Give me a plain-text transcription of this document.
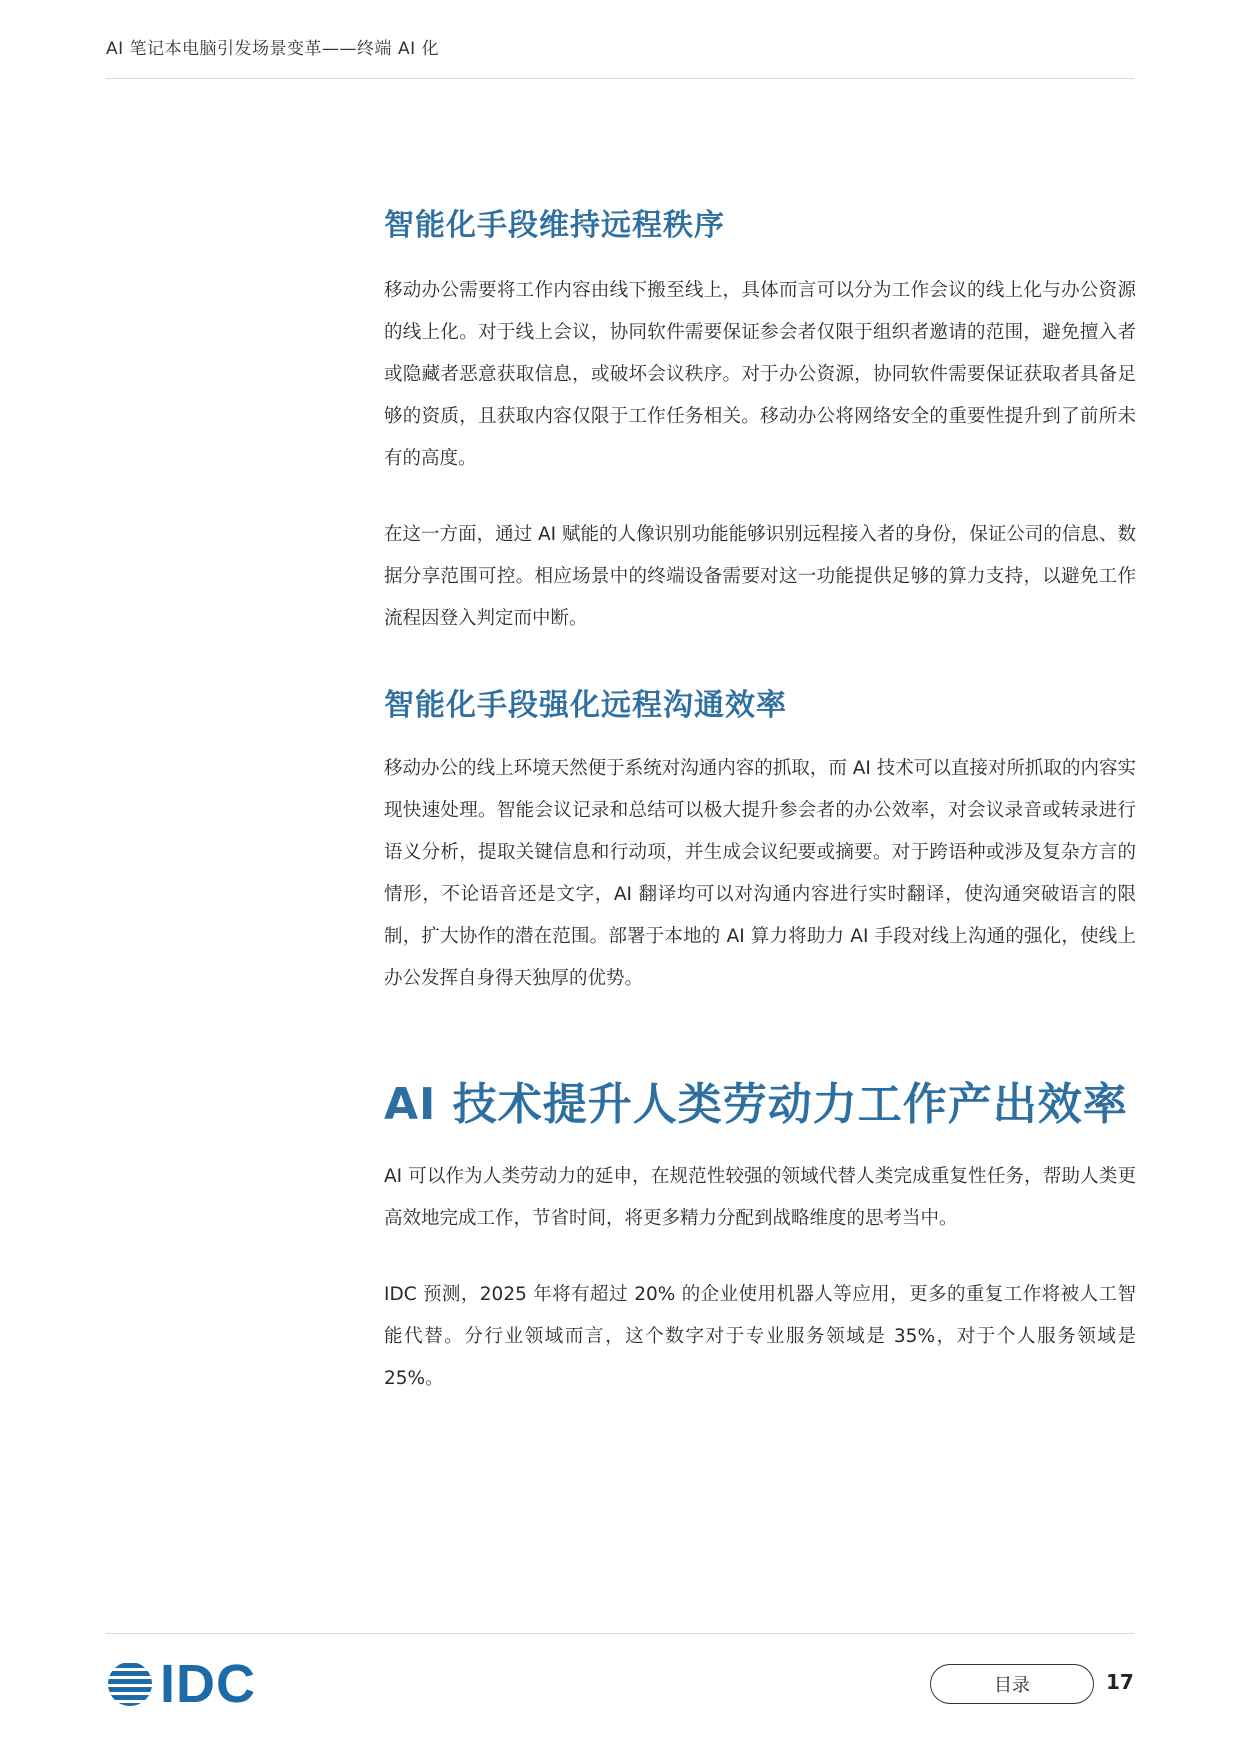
AI 笔记本电脑引发场景变革——终端 AI 化
智能化手段维持远程秩序

移动办公需要将工作内容由线下搬至线上，具体而言可以分为工作会议的线上化与办公资源的线上化。对于线上会议，协同软件需要保证参会者仅限于组织者邀请的范围，避免擅入者或隐藏者恶意获取信息，或破坏会议秩序。对于办公资源，协同软件需要保证获取者具备足够的资质，且获取内容仅限于工作任务相关。移动办公将网络安全的重要性提升到了前所未有的高度。

在这一方面，通过 AI 赋能的人像识别功能能够识别远程接入者的身份，保证公司的信息、数据分享范围可控。相应场景中的终端设备需要对这一功能提供足够的算力支持，以避免工作流程因登入判定而中断。

智能化手段强化远程沟通效率

移动办公的线上环境天然便于系统对沟通内容的抓取，而 AI 技术可以直接对所抓取的内容实现快速处理。智能会议记录和总结可以极大提升参会者的办公效率，对会议录音或转录进行语义分析，提取关键信息和行动项，并生成会议纪要或摘要。对于跨语种或涉及复杂方言的情形，不论语音还是文字，AI 翻译均可以对沟通内容进行实时翻译，使沟通突破语言的限制，扩大协作的潜在范围。部署于本地的 AI 算力将助力 AI 手段对线上沟通的强化，使线上办公发挥自身得天独厚的优势。

AI 技术提升人类劳动力工作产出效率

AI 可以作为人类劳动力的延申，在规范性较强的领域代替人类完成重复性任务，帮助人类更高效地完成工作，节省时间，将更多精力分配到战略维度的思考当中。

IDC 预测，2025 年将有超过 20% 的企业使用机器人等应用，更多的重复工作将被人工智能代替。分行业领域而言，这个数字对于专业服务领域是 35%，对于个人服务领域是 25%。

IDC	目录	17
